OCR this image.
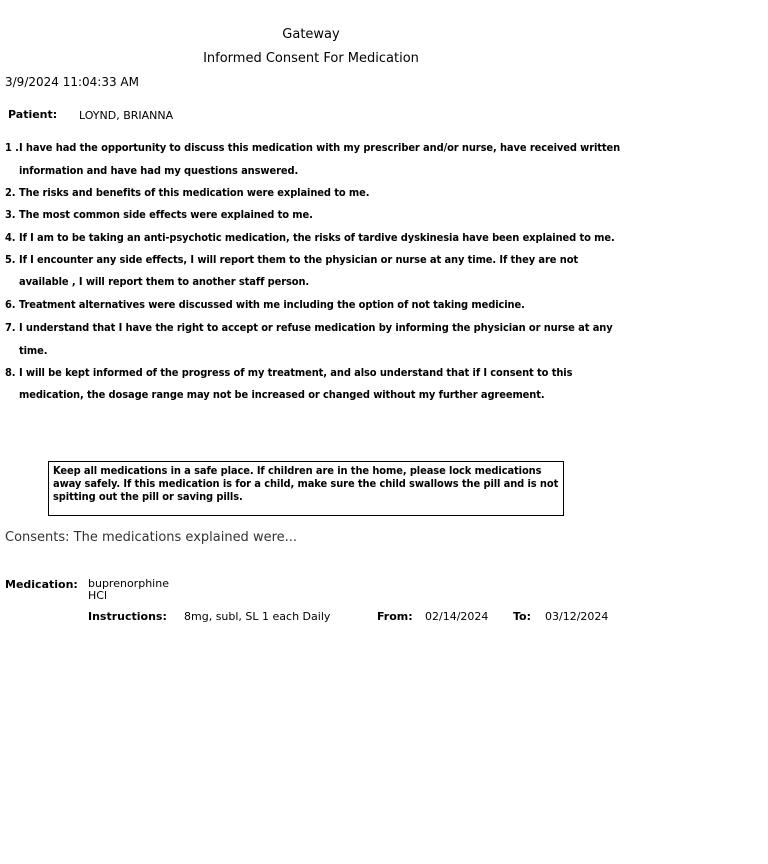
Gateway
Informed Consent For Medication
3/9/2024 11:04:33 AM
Patient: LOYND, BRIANNA
1 . I have had the opportunity to discuss this medication with my prescriber and/or nurse, have received written information and have had my questions answered.
2. The risks and benefits of this medication were explained to me.
3. The most common side effects were explained to me.
4. If I am to be taking an anti-psychotic medication, the risks of tardive dyskinesia have been explained to me.
5. If I encounter any side effects, I will report them to the physician or nurse at any time. If they are not available , I will report them to another staff person.
6. Treatment alternatives were discussed with me including the option of not taking medicine.
7. I understand that I have the right to accept or refuse medication by informing the physician or nurse at any time.
8. I will be kept informed of the progress of my treatment, and also understand that if I consent to this medication, the dosage range may not be increased or changed without my further agreement.
Keep all medications in a safe place. If children are in the home, please lock medications away safely. If this medication is for a child, make sure the child swallows the pill and is not spitting out the pill or saving pills.
Consents: The medications explained were...
Medication: buprenorphine HCl
Instructions: 8mg, subl, SL 1 each Daily	From: 02/14/2024 To: 03/12/2024
